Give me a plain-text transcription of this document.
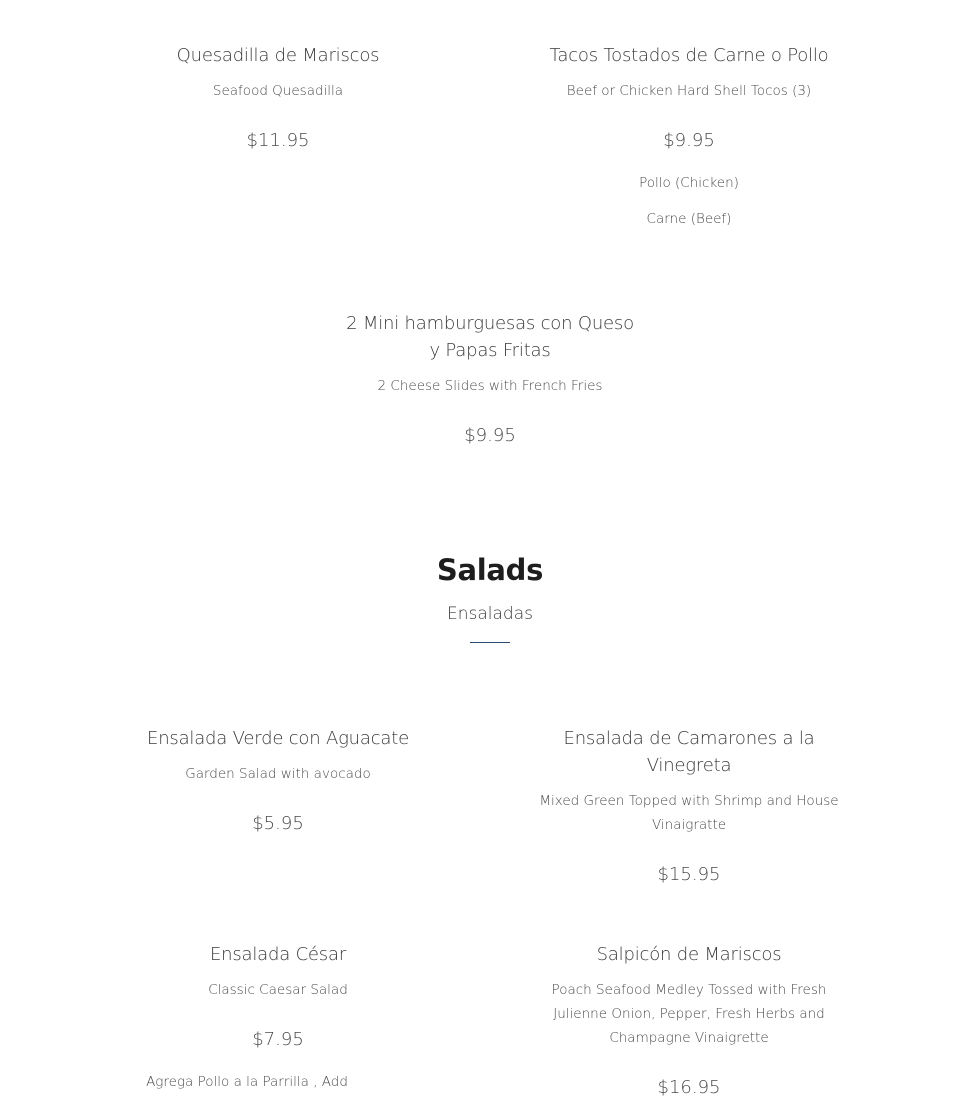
Quesadilla de Mariscos

Seafood Quesadilla

$11.95

Tacos Tostados de Carne o Pollo

Beef or Chicken Hard Shell Tocos (3)

$9.95

Pollo (Chicken)

Carne (Beef)

2 Mini hamburguesas con Queso y Papas Fritas

2 Cheese Slides with French Fries

$9.95

Salads

Ensaladas

Ensalada Verde con Aguacate

Garden Salad with avocado

$5.95

Ensalada de Camarones a la Vinegreta

Mixed Green Topped with Shrimp and House Vinaigratte

$15.95

Ensalada César

Classic Caesar Salad

$7.95

Agrega Pollo a la Parrilla , Add

Salpicón de Mariscos

Poach Seafood Medley Tossed with Fresh Julienne Onion, Pepper, Fresh Herbs and Champagne Vinaigrette

$16.95
